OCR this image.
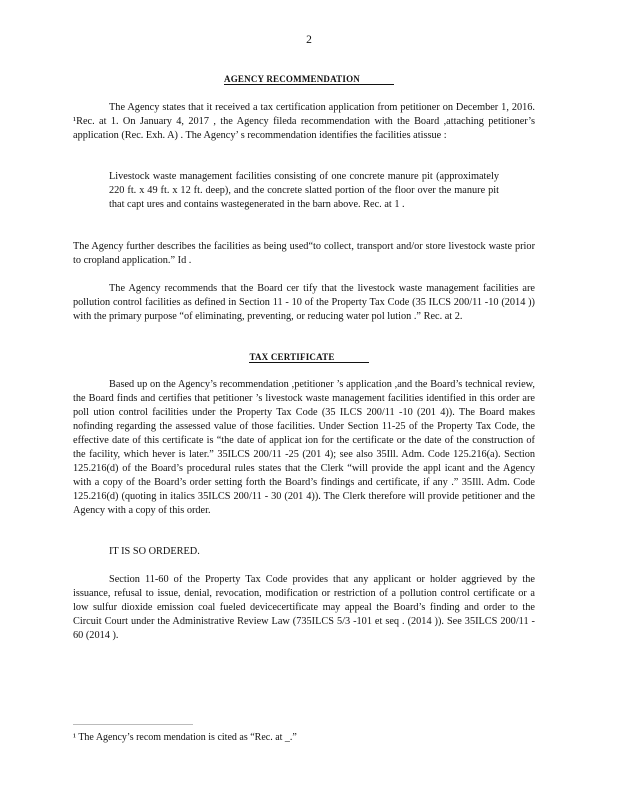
2
AGENCY RECOMMENDATION
The Agency states that it received a tax certification application from petitioner on December 1, 2016. ¹Rec. at 1. On January 4, 2017 , the Agency fileda recommendation with the Board ,attaching petitioner’s application (Rec. Exh. A) . The Agency’ s recommendation identifies the facilities atissue :
Livestock waste management facilities consisting of one concrete manure pit (approximately 220 ft. x 49 ft. x 12 ft. deep), and the concrete slatted portion of the floor over the manure pit that capt ures and contains wastegenerated in the barn above. Rec. at 1 .
The Agency further describes the facilities as being used“to collect, transport and/or store livestock waste prior to cropland application.” Id .
The Agency recommends that the Board cer tify that the livestock waste management facilities are pollution control facilities as defined in Section 11 - 10 of the Property Tax Code (35 ILCS 200/11 -10 (2014 )) with the primary purpose “of eliminating, preventing, or reducing water pol lution .” Rec. at 2.
TAX CERTIFICATE
Based up on the Agency’s recommendation ,petitioner ’s application ,and the Board’s technical review, the Board finds and certifies that petitioner ’s livestock waste management facilities identified in this order are poll ution control facilities under the Property Tax Code (35 ILCS 200/11 -10 (201 4)). The Board makes nofinding regarding the assessed value of those facilities. Under Section 11-25 of the Property Tax Code, the effective date of this certificate is “the date of applicat ion for the certificate or the date of the construction of the facility, which hever is later.” 35ILCS 200/11 -25 (201 4); see also 35Ill. Adm. Code 125.216(a). Section 125.216(d) of the Board’s procedural rules states that the Clerk “will provide the appl icant and the Agency with a copy of the Board’s order setting forth the Board’s findings and certificate, if any .” 35Ill. Adm. Code 125.216(d) (quoting in italics 35ILCS 200/11 - 30 (201 4)). The Clerk therefore will provide petitioner and the Agency with a copy of this order.
IT IS SO ORDERED.
Section 11-60 of the Property Tax Code provides that any applicant or holder aggrieved by the issuance, refusal to issue, denial, revocation, modification or restriction of a pollution control certificate or a low sulfur dioxide emission coal fueled devicecertificate may appeal the Board’s finding and order to the Circuit Court under the Administrative Review Law (735ILCS 5/3 -101 et seq . (2014 )). See 35ILCS 200/11 - 60 (2014 ).
¹ The Agency’s recom mendation is cited as “Rec. at _.”
